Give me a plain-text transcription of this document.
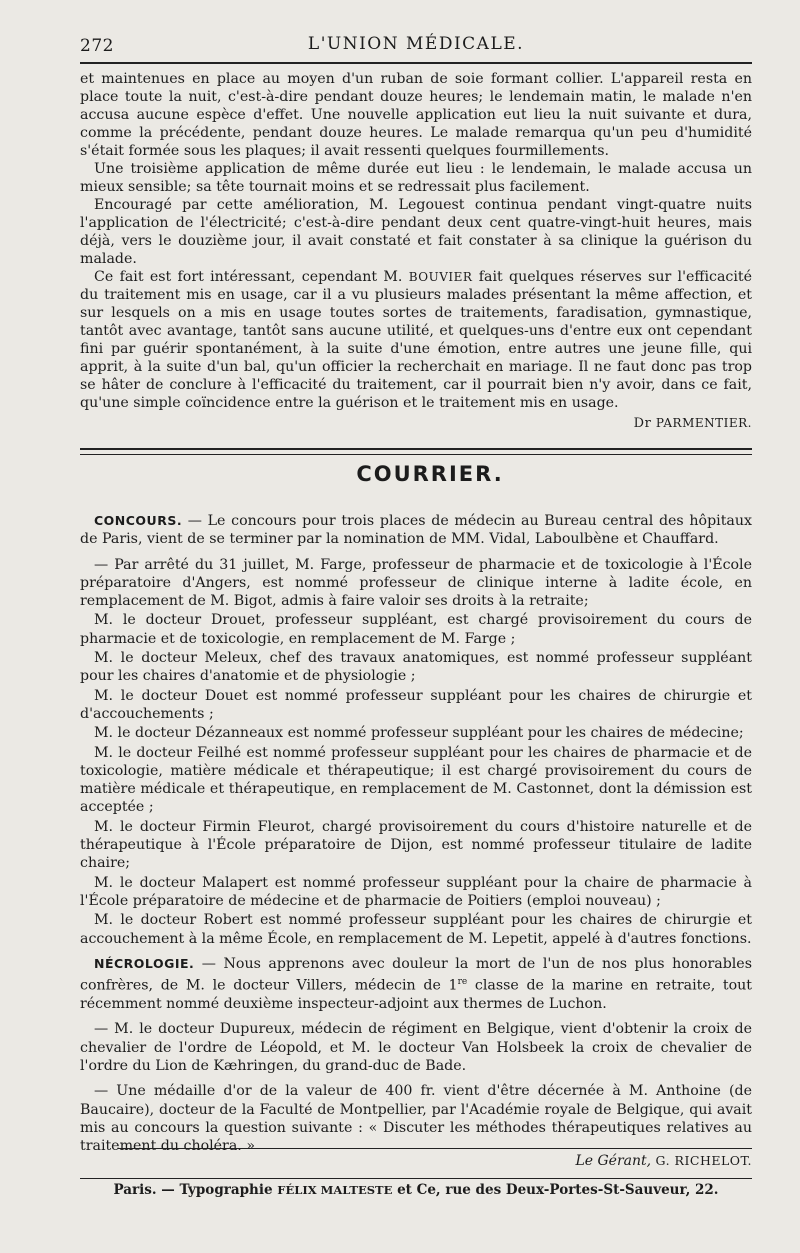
272	L'UNION MÉDICALE.

et maintenues en place au moyen d'un ruban de soie formant collier. L'appareil resta en place toute la nuit, c'est-à-dire pendant douze heures; le lendemain matin, le malade n'en accusa aucune espèce d'effet. Une nouvelle application eut lieu la nuit suivante et dura, comme la précédente, pendant douze heures. Le malade remarqua qu'un peu d'humidité s'était formée sous les plaques; il avait ressenti quelques fourmillements.

Une troisième application de même durée eut lieu : le lendemain, le malade accusa un mieux sensible; sa tête tournait moins et se redressait plus facilement.

Encouragé par cette amélioration, M. Legouest continua pendant vingt-quatre nuits l'application de l'électricité; c'est-à-dire pendant deux cent quatre-vingt-huit heures, mais déjà, vers le douzième jour, il avait constaté et fait constater à sa clinique la guérison du malade.

Ce fait est fort intéressant, cependant M. BOUVIER fait quelques réserves sur l'efficacité du traitement mis en usage, car il a vu plusieurs malades présentant la même affection, et sur lesquels on a mis en usage toutes sortes de traitements, faradisation, gymnastique, tantôt avec avantage, tantôt sans aucune utilité, et quelques-uns d'entre eux ont cependant fini par guérir spontanément, à la suite d'une émotion, entre autres une jeune fille, qui apprit, à la suite d'un bal, qu'un officier la recherchait en mariage. Il ne faut donc pas trop se hâter de conclure à l'efficacité du traitement, car il pourrait bien n'y avoir, dans ce fait, qu'une simple coïncidence entre la guérison et le traitement mis en usage.

Dr PARMENTIER.
COURRIER.

CONCOURS. — Le concours pour trois places de médecin au Bureau central des hôpitaux de Paris, vient de se terminer par la nomination de MM. Vidal, Laboulbène et Chauffard.

— Par arrêté du 31 juillet, M. Farge, professeur de pharmacie et de toxicologie à l'École préparatoire d'Angers, est nommé professeur de clinique interne à ladite école, en remplacement de M. Bigot, admis à faire valoir ses droits à la retraite;

M. le docteur Drouet, professeur suppléant, est chargé provisoirement du cours de pharmacie et de toxicologie, en remplacement de M. Farge ;

M. le docteur Meleux, chef des travaux anatomiques, est nommé professeur suppléant pour les chaires d'anatomie et de physiologie ;

M. le docteur Douet est nommé professeur suppléant pour les chaires de chirurgie et d'accouchements ;

M. le docteur Dézanneaux est nommé professeur suppléant pour les chaires de médecine;

M. le docteur Feilhé est nommé professeur suppléant pour les chaires de pharmacie et de toxicologie, matière médicale et thérapeutique; il est chargé provisoirement du cours de matière médicale et thérapeutique, en remplacement de M. Castonnet, dont la démission est acceptée ;

M. le docteur Firmin Fleurot, chargé provisoirement du cours d'histoire naturelle et de thérapeutique à l'École préparatoire de Dijon, est nommé professeur titulaire de ladite chaire;

M. le docteur Malapert est nommé professeur suppléant pour la chaire de pharmacie à l'École préparatoire de médecine et de pharmacie de Poitiers (emploi nouveau) ;

M. le docteur Robert est nommé professeur suppléant pour les chaires de chirurgie et accouchement à la même École, en remplacement de M. Lepetit, appelé à d'autres fonctions.

NÉCROLOGIE. — Nous apprenons avec douleur la mort de l'un de nos plus honorables confrères, de M. le docteur Villers, médecin de 1re classe de la marine en retraite, tout récemment nommé deuxième inspecteur-adjoint aux thermes de Luchon.

— M. le docteur Dupureux, médecin de régiment en Belgique, vient d'obtenir la croix de chevalier de l'ordre de Léopold, et M. le docteur Van Holsbeek la croix de chevalier de l'ordre du Lion de Kæhringen, du grand-duc de Bade.

— Une médaille d'or de la valeur de 400 fr. vient d'être décernée à M. Anthoine (de Baucaire), docteur de la Faculté de Montpellier, par l'Académie royale de Belgique, qui avait mis au concours la question suivante : « Discuter les méthodes thérapeutiques relatives au traitement du choléra. »

Le Gérant, G. RICHELOT.
Paris. — Typographie FÉLIX MALTESTE et Ce, rue des Deux-Portes-St-Sauveur, 22.
